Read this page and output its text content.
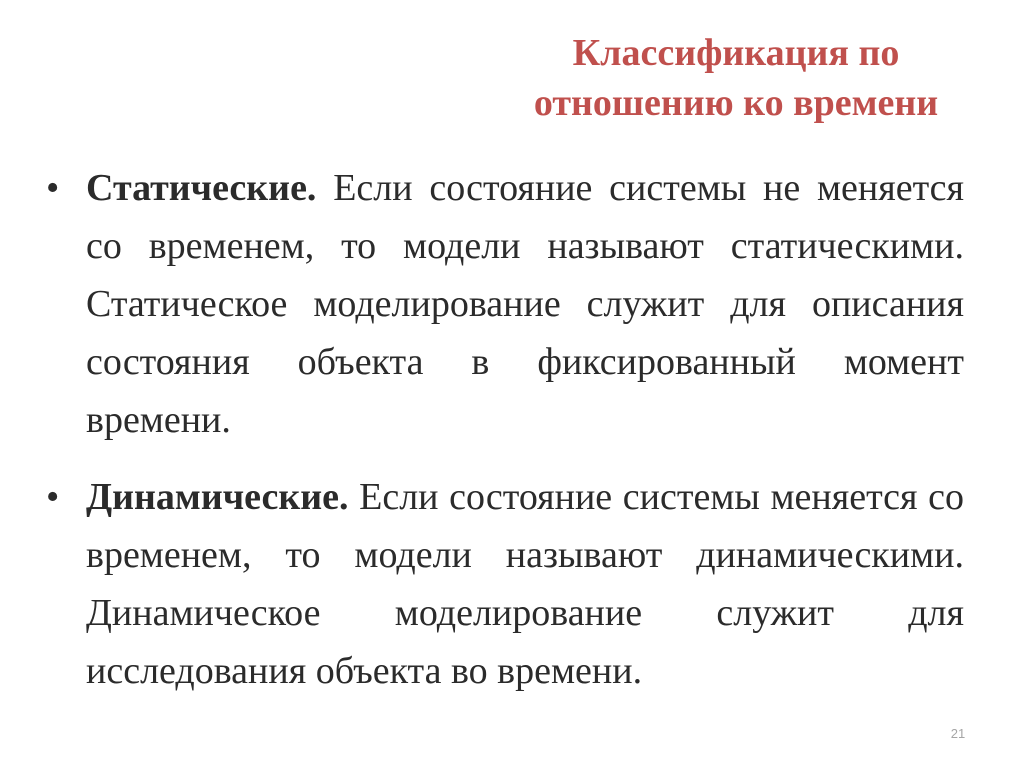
Классификация по
отношению ко времени
• Статические. Если состояние системы не меняется со временем, то модели называют статическими. Статическое моделирование служит для описания состояния объекта в фиксированный момент времени.
• Динамические. Если состояние системы меняется со временем, то модели называют динамическими. Динамическое моделирование служит для исследования объекта во времени.
21
